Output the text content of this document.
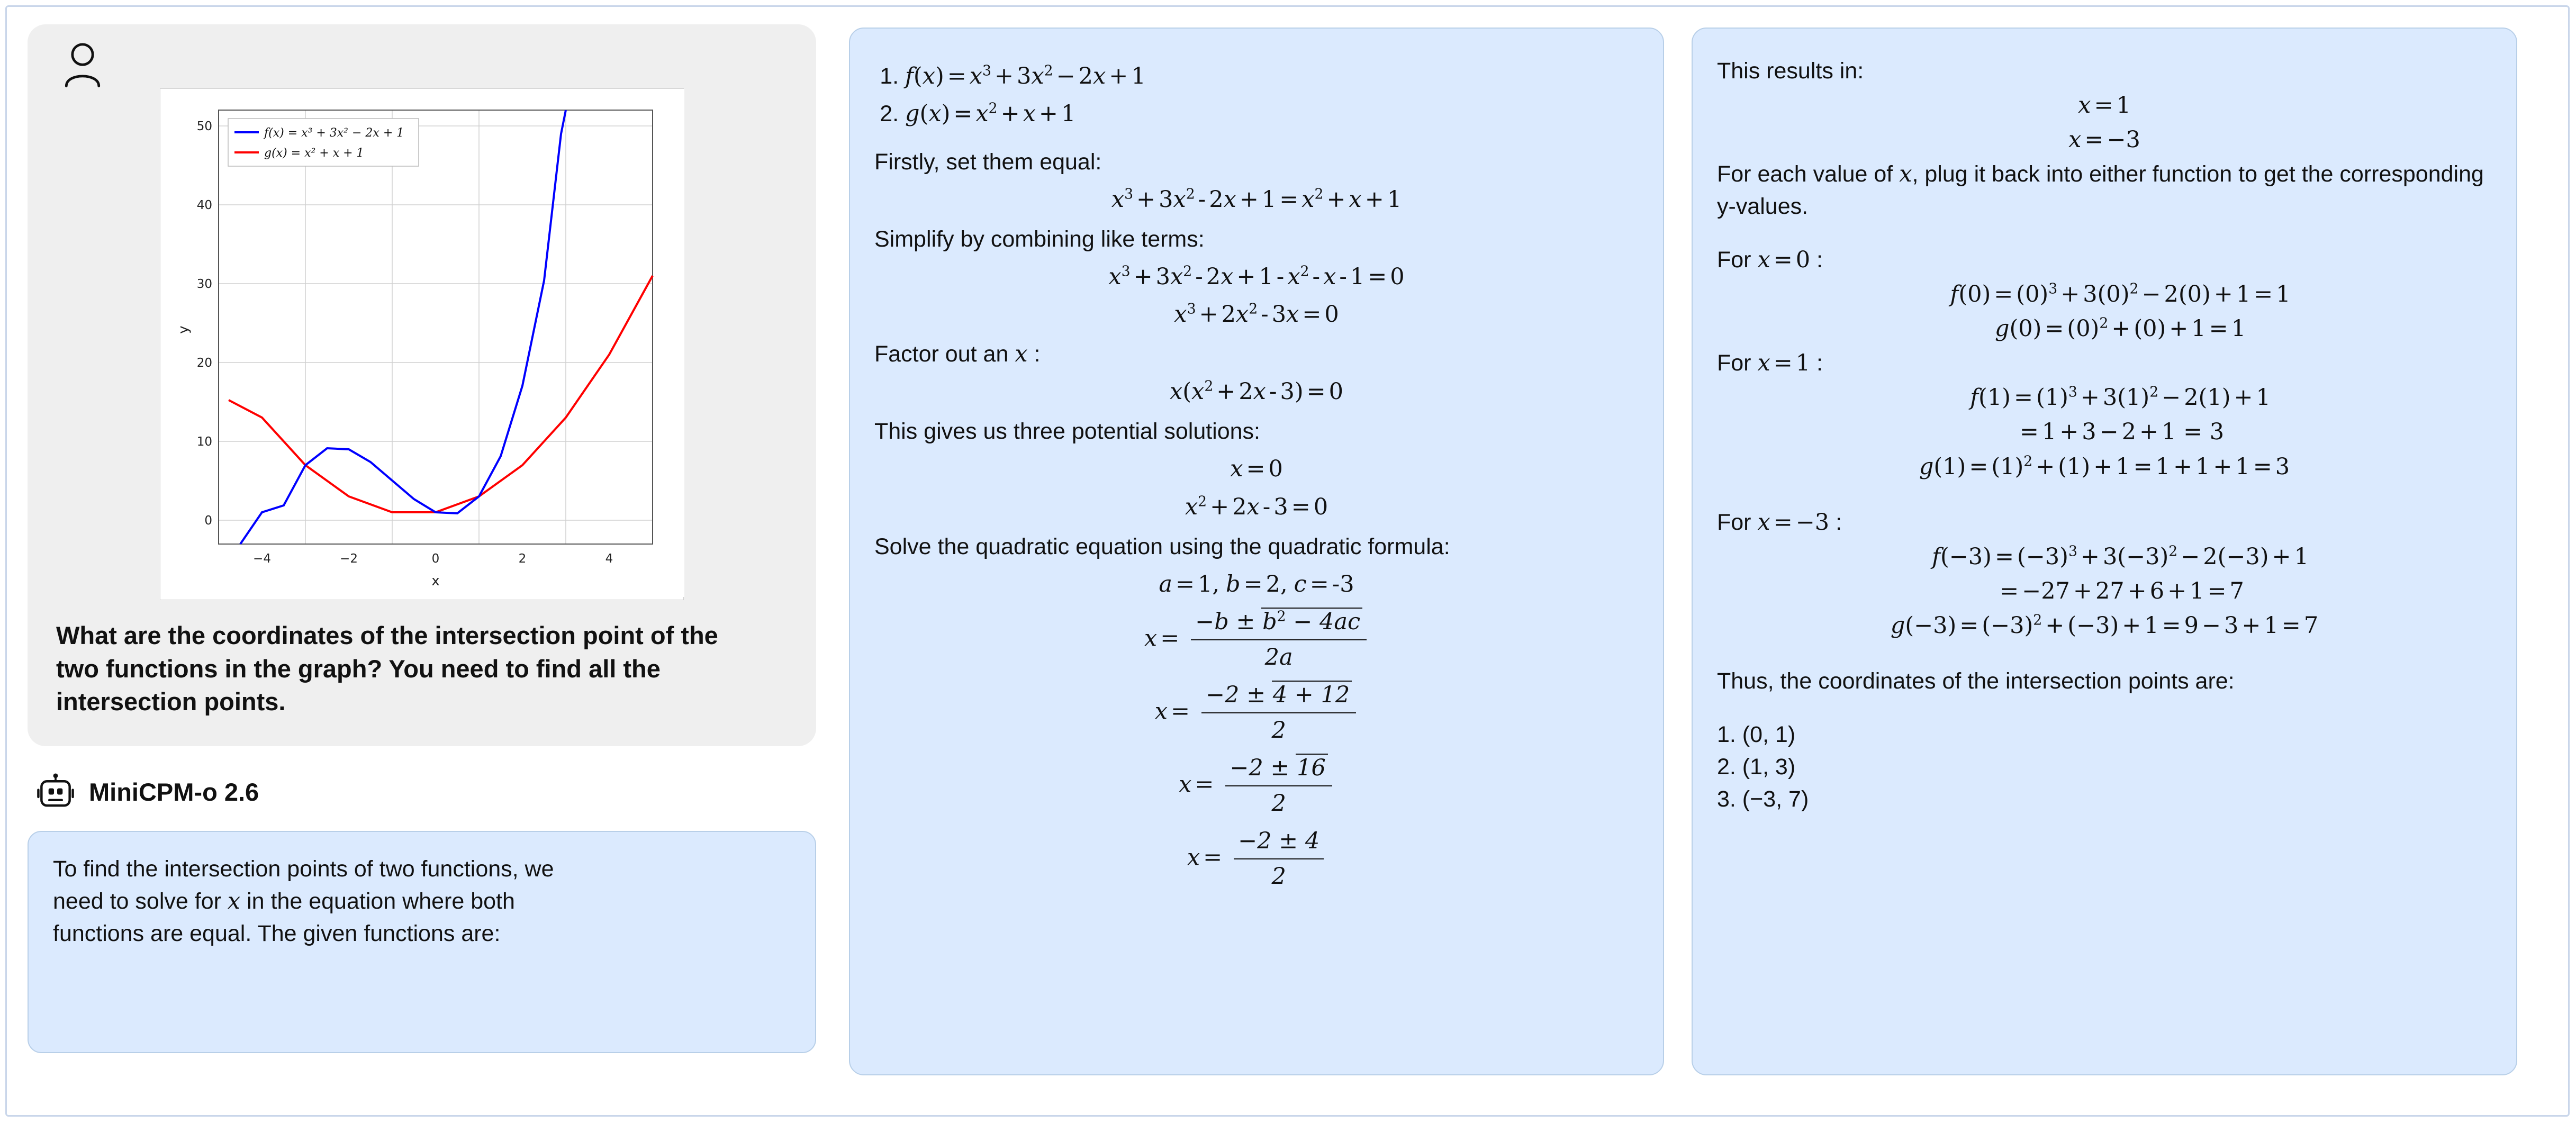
0
10
20
30
40
50
−4	−2	0	2	4
x
y
f(x) = x³ + 3x² − 2x + 1
g(x) = x² + x + 1
What are the coordinates of the intersection point of the two functions in the graph? You need to find all the intersection points.
MiniCPM-o 2.6
To find the intersection points of two functions, we
need to solve for x in the equation where both
functions are equal. The given functions are:
1. $f(x) = x^3 + 3x^2 - 2x + 1$
2. $g(x) = x^2 + x + 1$
Firstly, set them equal:
$x^3 + 3x^2 - 2x + 1 = x^2 + x + 1$
Simplify by combining like terms:
$x^3 + 3x^2 - 2x + 1 - x^2 - x - 1 = 0$
$x^3 + 2x^2 - 3x = 0$
Factor out an x :
$x(x^2 + 2x - 3) = 0$
This gives us three potential solutions:
x = 0
$x^2 + 2x - 3 = 0$
Solve the quadratic equation using the quadratic formula:
a = 1, b = 2, c = -3
$x = \frac{-b \pm b^2 - 4ac}{2a}$
$x = \frac{-2 \pm 4 + 12}{2}$
$x = \frac{-2 \pm 16}{2}$
$x = \frac{-2 \pm 4}{2}$
This results in:
x = 1
x = −3
For each value of x, plug it back into either function to get the corresponding y-values.
For x = 0 :
$f(0) = (0)^3 + 3(0)^2 - 2(0) + 1 = 1$
$g(0) = (0)^2 + (0) + 1 = 1$
For x = 1 :
$f(1) = (1)^3 + 3(1)^2 - 2(1) + 1$
= 1 + 3 − 2 + 1 = 3
$g(1) = (1)^2 + (1) + 1 = 1 + 1 + 1 = 3$
For x = −3 :
$f(-3) = (-3)^3 + 3(-3)^2 - 2(-3) + 1$
= −27 + 27 + 6 + 1 = 7
$g(-3) = (-3)^2 + (-3) + 1 = 9 - 3 + 1 = 7$
Thus, the coordinates of the intersection points are:
1. (0, 1)
2. (1, 3)
3. (−3, 7)
